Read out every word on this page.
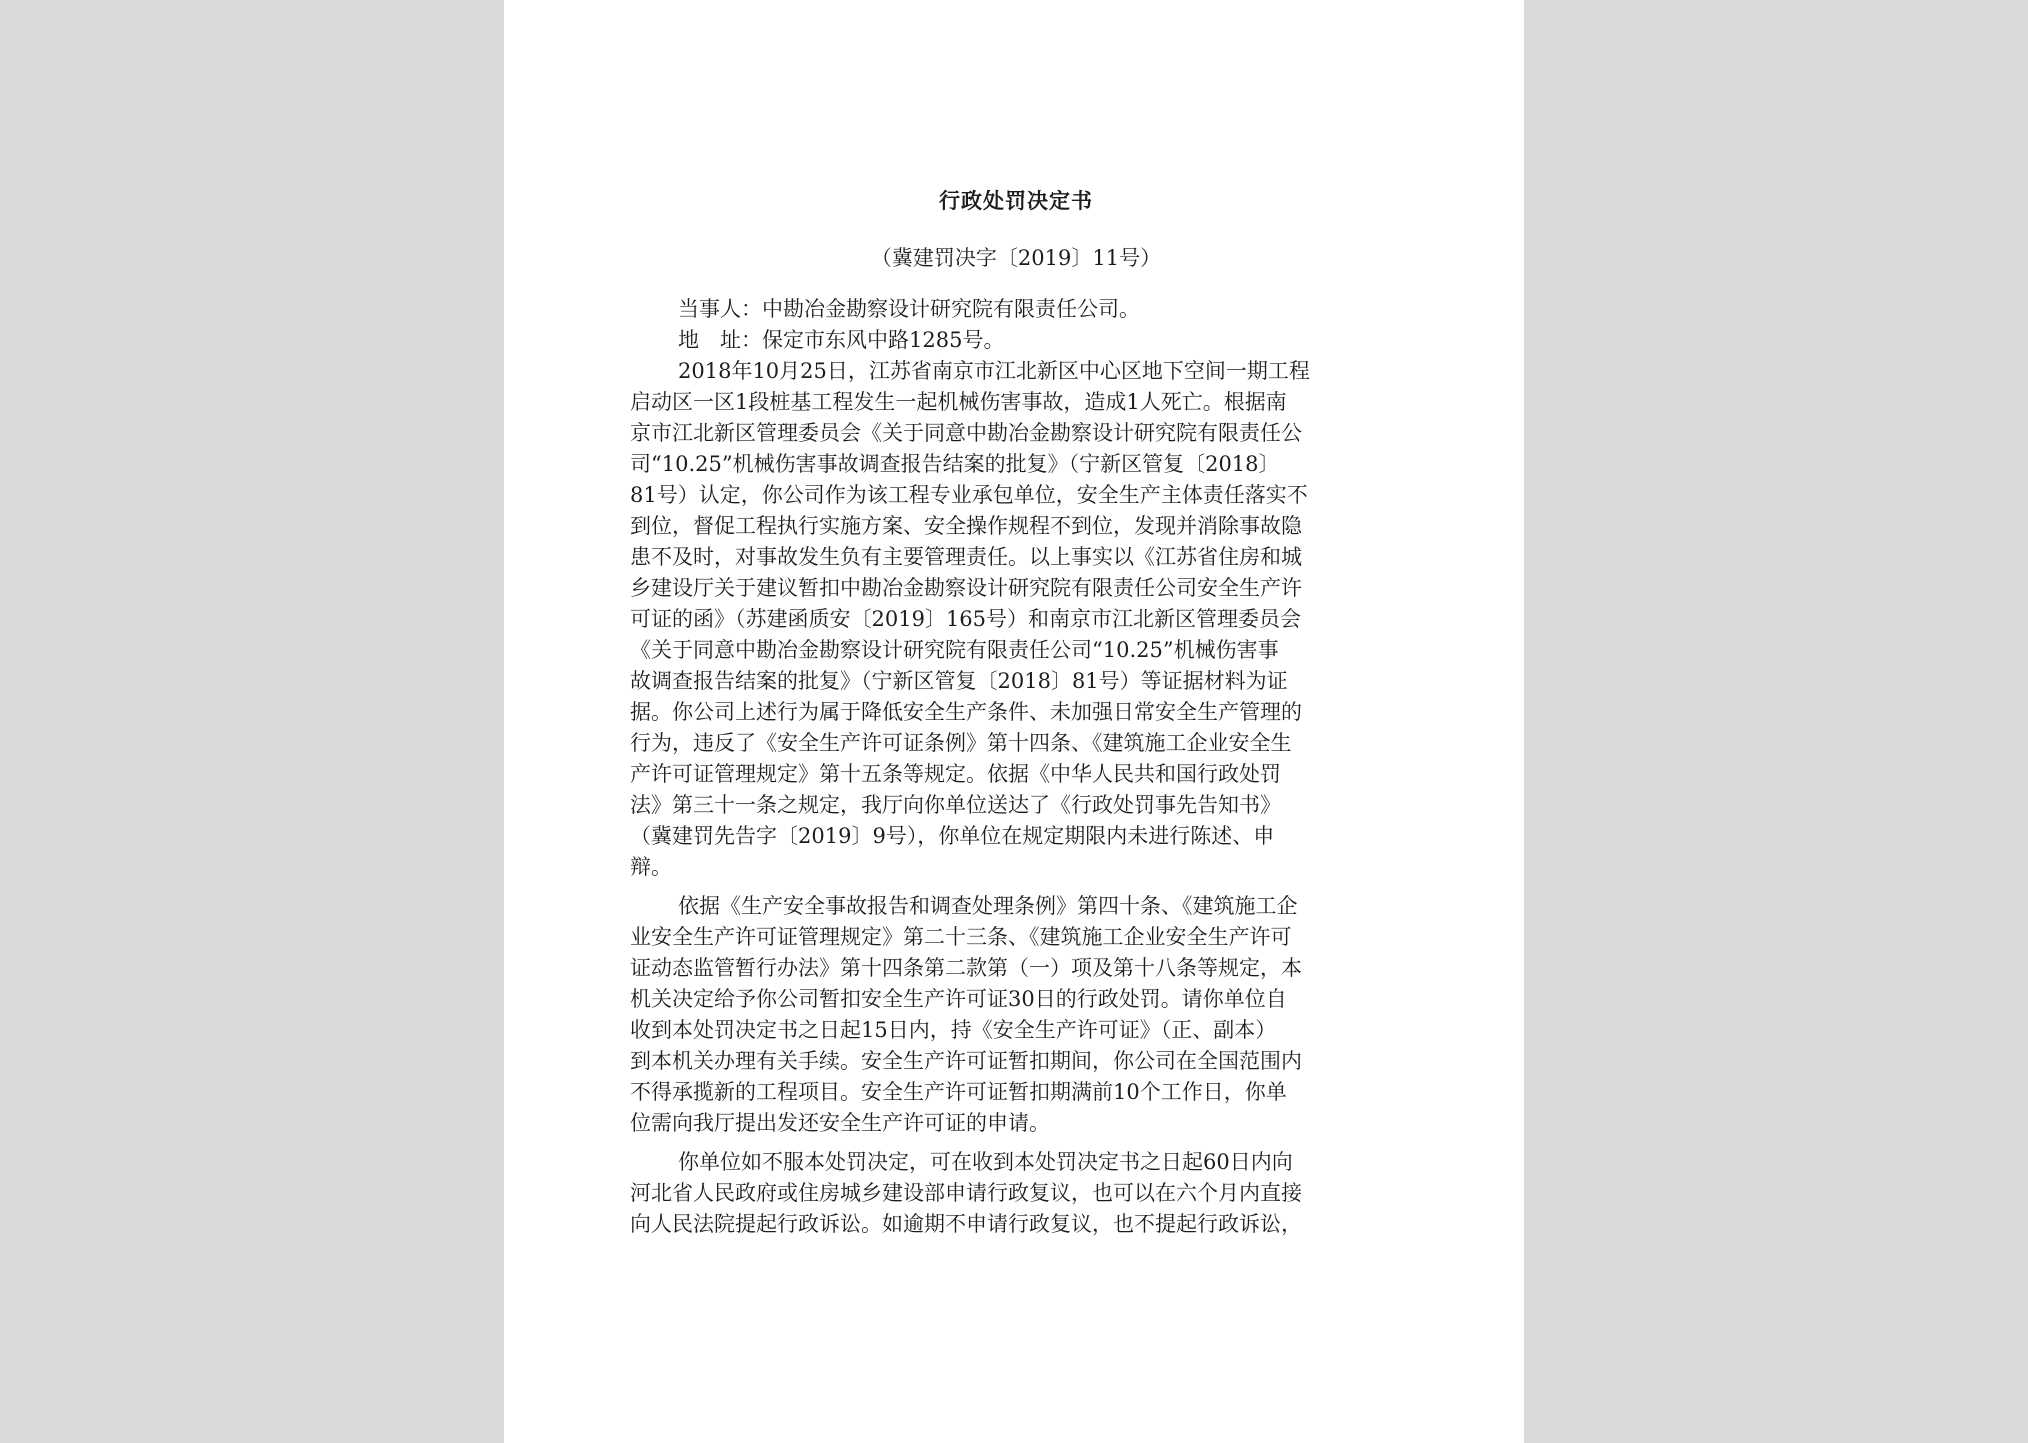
行政处罚决定书
（冀建罚决字〔2019〕11号）
当事人：中勘冶金勘察设计研究院有限责任公司。
地　址：保定市东风中路1285号。
2018年10月25日，江苏省南京市江北新区中心区地下空间一期工程
启动区一区1段桩基工程发生一起机械伤害事故，造成1人死亡。根据南
京市江北新区管理委员会《关于同意中勘冶金勘察设计研究院有限责任公
司“10.25”机械伤害事故调查报告结案的批复》（宁新区管复〔2018〕
81号）认定，你公司作为该工程专业承包单位，安全生产主体责任落实不
到位，督促工程执行实施方案、安全操作规程不到位，发现并消除事故隐
患不及时，对事故发生负有主要管理责任。以上事实以《江苏省住房和城
乡建设厅关于建议暂扣中勘冶金勘察设计研究院有限责任公司安全生产许
可证的函》（苏建函质安〔2019〕165号）和南京市江北新区管理委员会
《关于同意中勘冶金勘察设计研究院有限责任公司“10.25”机械伤害事
故调查报告结案的批复》（宁新区管复〔2018〕81号）等证据材料为证
据。你公司上述行为属于降低安全生产条件、未加强日常安全生产管理的
行为，违反了《安全生产许可证条例》第十四条、《建筑施工企业安全生
产许可证管理规定》第十五条等规定。依据《中华人民共和国行政处罚
法》第三十一条之规定，我厅向你单位送达了《行政处罚事先告知书》
（冀建罚先告字〔2019〕9号），你单位在规定期限内未进行陈述、申
辩。
依据《生产安全事故报告和调查处理条例》第四十条、《建筑施工企
业安全生产许可证管理规定》第二十三条、《建筑施工企业安全生产许可
证动态监管暂行办法》第十四条第二款第（一）项及第十八条等规定，本
机关决定给予你公司暂扣安全生产许可证30日的行政处罚。请你单位自
收到本处罚决定书之日起15日内，持《安全生产许可证》（正、副本）
到本机关办理有关手续。安全生产许可证暂扣期间，你公司在全国范围内
不得承揽新的工程项目。安全生产许可证暂扣期满前10个工作日，你单
位需向我厅提出发还安全生产许可证的申请。
你单位如不服本处罚决定，可在收到本处罚决定书之日起60日内向
河北省人民政府或住房城乡建设部申请行政复议，也可以在六个月内直接
向人民法院提起行政诉讼。如逾期不申请行政复议，也不提起行政诉讼，
